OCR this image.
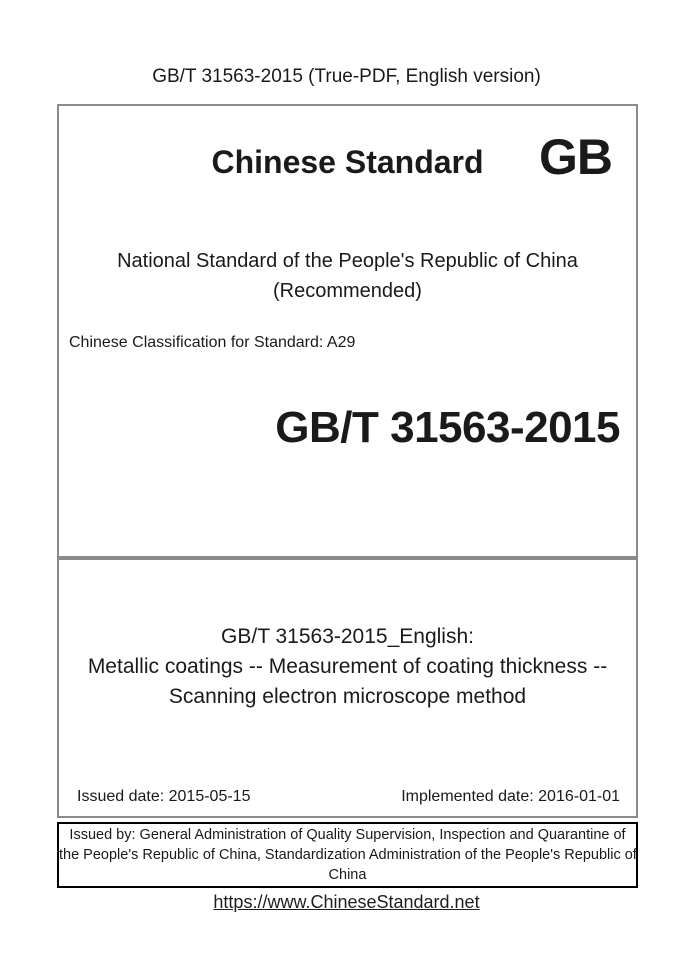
GB/T 31563-2015 (True-PDF, English version)
Chinese Standard	GB
National Standard of the People's Republic of China
(Recommended)
Chinese Classification for Standard: A29
GB/T 31563-2015
GB/T 31563-2015_English:
Metallic coatings -- Measurement of coating thickness --
Scanning electron microscope method
Issued date: 2015-05-15	Implemented date: 2016-01-01
Issued by: General Administration of Quality Supervision, Inspection and Quarantine of
the People's Republic of China, Standardization Administration of the People's Republic of
China
https://www.ChineseStandard.net
